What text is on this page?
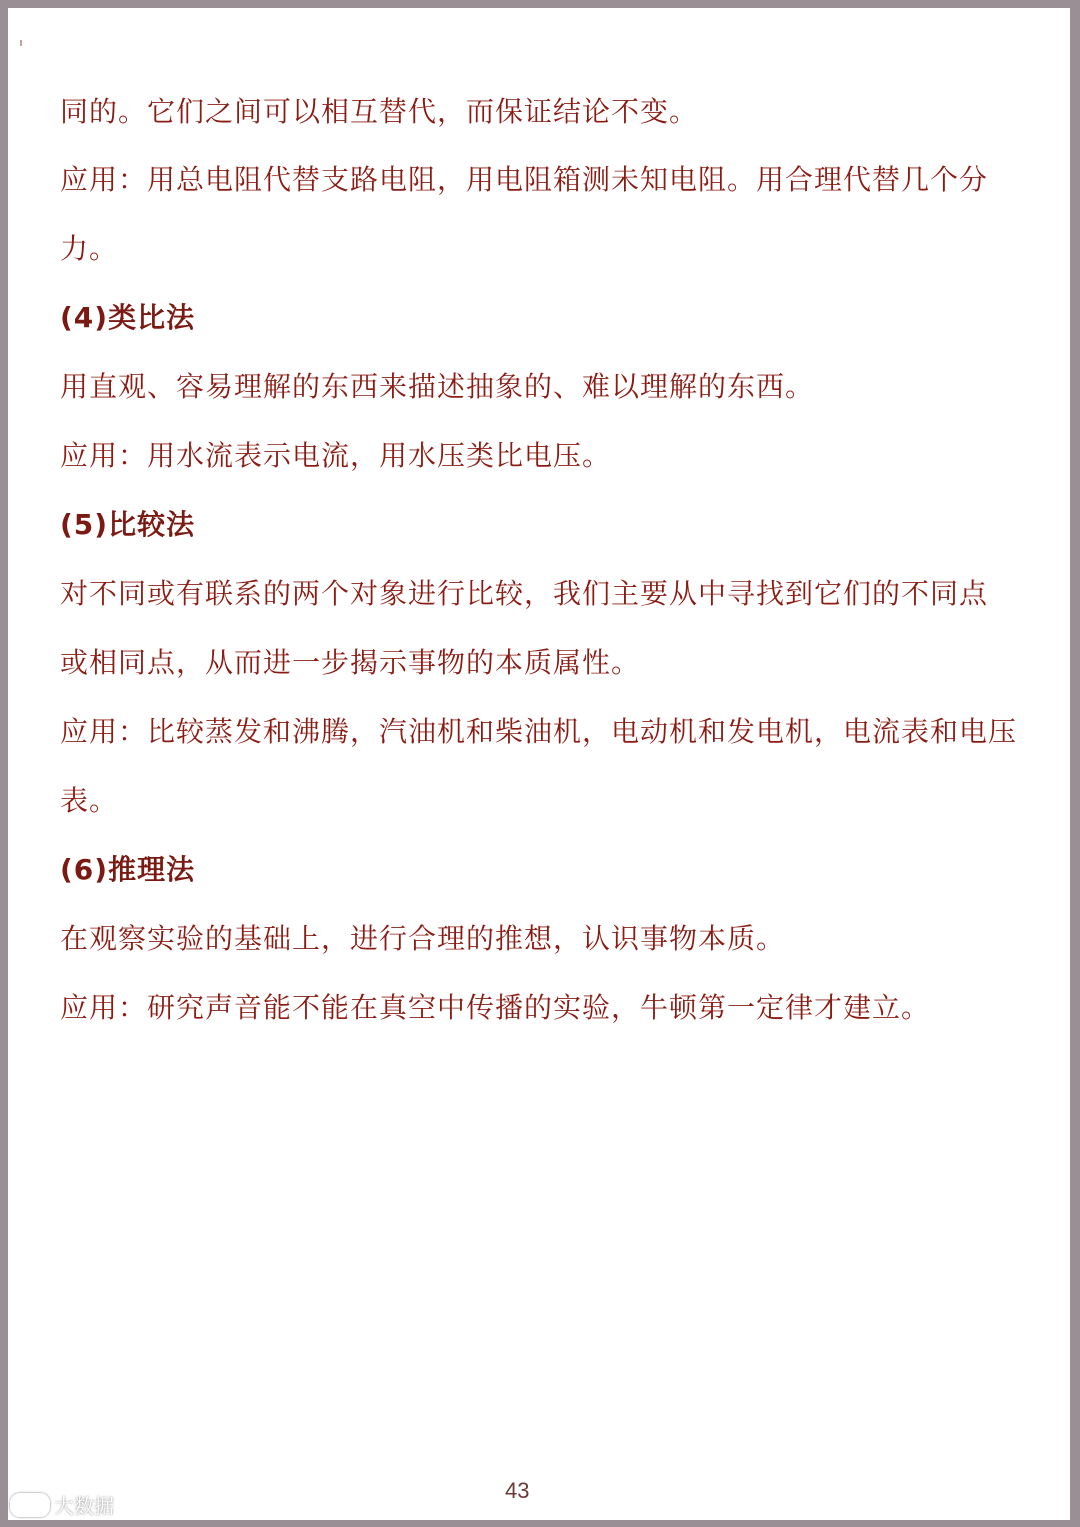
同的。它们之间可以相互替代，而保证结论不变。
应用：用总电阻代替支路电阻，用电阻箱测未知电阻。用合理代替几个分
力。
(4)类比法
用直观、容易理解的东西来描述抽象的、难以理解的东西。
应用：用水流表示电流，用水压类比电压。
(5)比较法
对不同或有联系的两个对象进行比较，我们主要从中寻找到它们的不同点
或相同点，从而进一步揭示事物的本质属性。
应用：比较蒸发和沸腾，汽油机和柴油机，电动机和发电机，电流表和电压
表。
(6)推理法
在观察实验的基础上，进行合理的推想，认识事物本质。
应用：研究声音能不能在真空中传播的实验，牛顿第一定律才建立。
43
大数据
